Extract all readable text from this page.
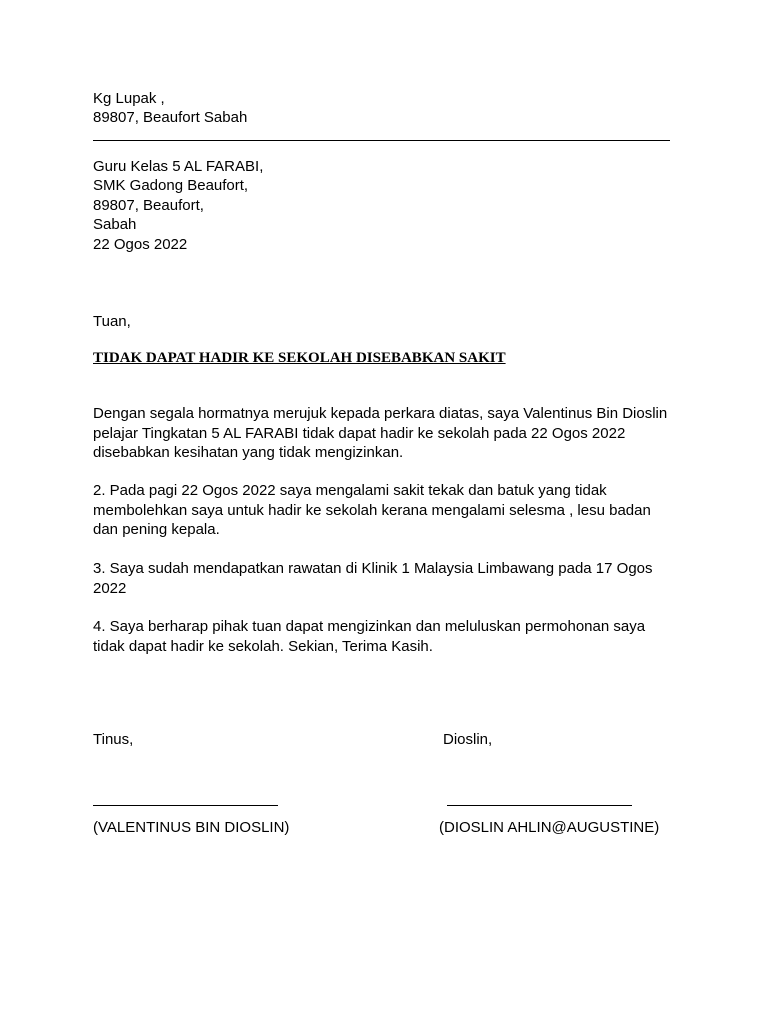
Kg Lupak ,
89807, Beaufort Sabah
Guru Kelas 5 AL FARABI,
SMK Gadong Beaufort,
89807, Beaufort,
Sabah
22 Ogos 2022
Tuan,
TIDAK DAPAT HADIR KE SEKOLAH DISEBABKAN SAKIT
Dengan segala hormatnya merujuk kepada perkara diatas, saya Valentinus Bin Dioslin
pelajar Tingkatan 5 AL FARABI tidak dapat hadir ke sekolah pada 22 Ogos 2022
disebabkan kesihatan yang tidak mengizinkan.
2. Pada pagi 22 Ogos 2022 saya mengalami sakit tekak dan batuk yang tidak
membolehkan saya untuk hadir ke sekolah kerana mengalami selesma , lesu badan
dan pening kepala.
3. Saya sudah mendapatkan rawatan di Klinik 1 Malaysia Limbawang pada 17 Ogos
2022
4. Saya berharap pihak tuan dapat mengizinkan dan meluluskan permohonan saya
tidak dapat hadir ke sekolah. Sekian, Terima Kasih.
Tinus,	Dioslin,
(VALENTINUS BIN DIOSLIN)	(DIOSLIN AHLIN@AUGUSTINE)
